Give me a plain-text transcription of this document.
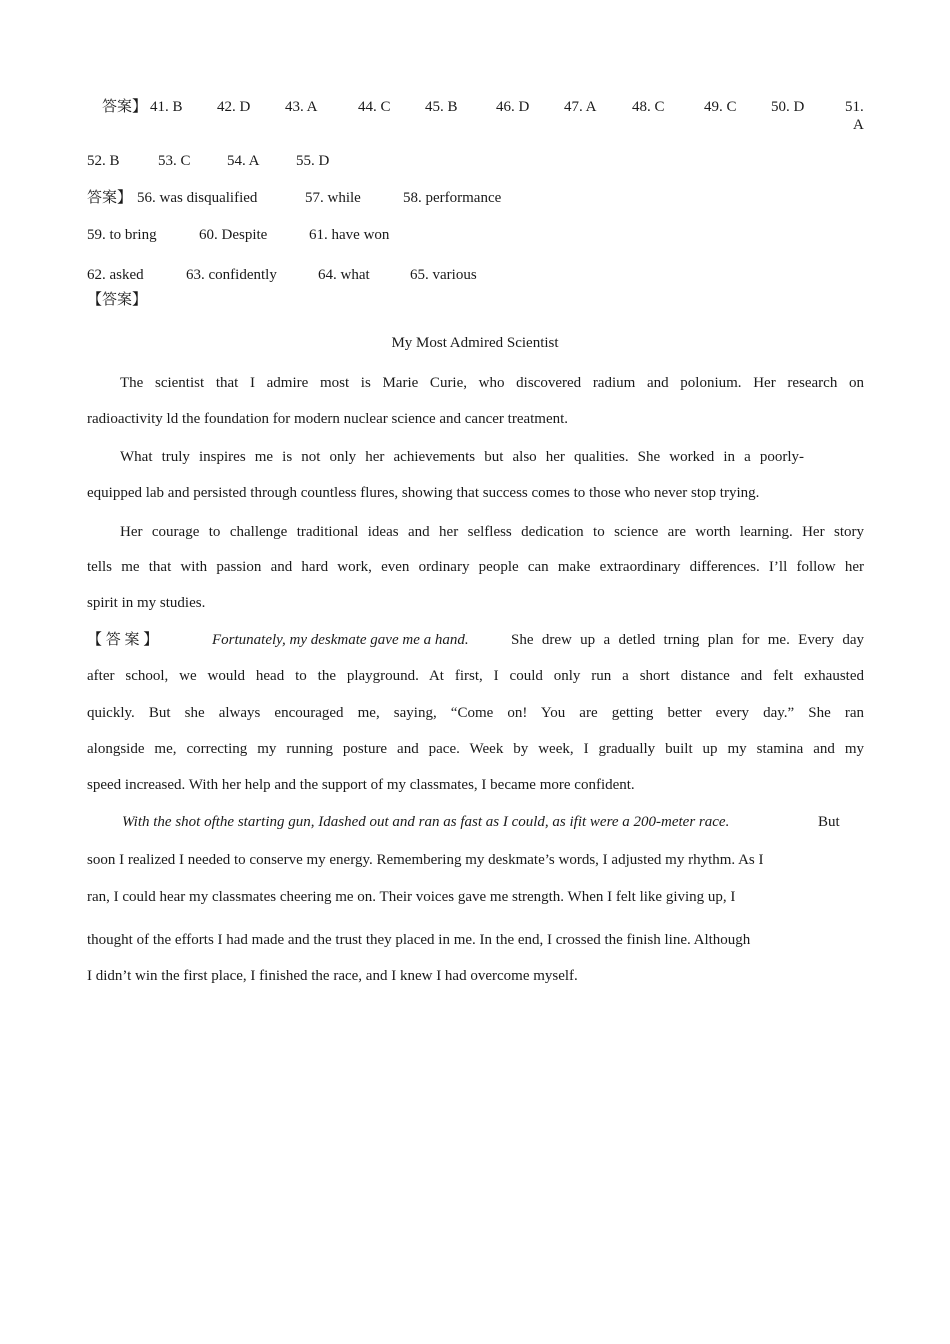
答案】 41. B 42. D 43. A	44. C 45. B	46. D 47. A 48. C	49. C 50. D	51.
A
52. B	53. C 54. A 55. D
答案】 56. was disqualified	57. while	58. performance
59. to bring	60. Despite	61. have won
62. asked	63. confidently	64. what	65. various
【答案】
My Most Admired Scientist
The scientist that I admire most is Marie Curie, who discovered radium and polonium. Her research on
radioactivity ld the foundation for modern nuclear science and cancer treatment.
What truly inspires me is not only her achievements but also her qualities. She worked in a poorly-
equipped lab and persisted through countless flures, showing that success comes to those who never stop trying.
Her courage to challenge traditional ideas and her selfless dedication to science are worth learning. Her story
tells me that with passion and hard work, even ordinary people can make extraordinary differences. I’ll follow her
spirit in my studies.
【 答 案 】	Fortunately, my deskmate gave me a hand.	She drew up a detled trning plan for me. Every day
after school, we would head to the playground. At first, I could only run a short distance and felt exhausted
quickly. But she always encouraged me, saying, “Come on! You are getting better every day.” She ran
alongside me, correcting my running posture and pace. Week by week, I gradually built up my stamina and my
speed increased. With her help and the support of my classmates, I became more confident.
With the shot ofthe starting gun, Idashed out and ran as fast as I could, as ifit were a 200-meter race.	But
soon I realized I needed to conserve my energy. Remembering my deskmate’s words, I adjusted my rhythm. As I
ran, I could hear my classmates cheering me on. Their voices gave me strength. When I felt like giving up, I
thought of the efforts I had made and the trust they placed in me. In the end, I crossed the finish line. Although
I didn’t win the first place, I finished the race, and I knew I had overcome myself.
